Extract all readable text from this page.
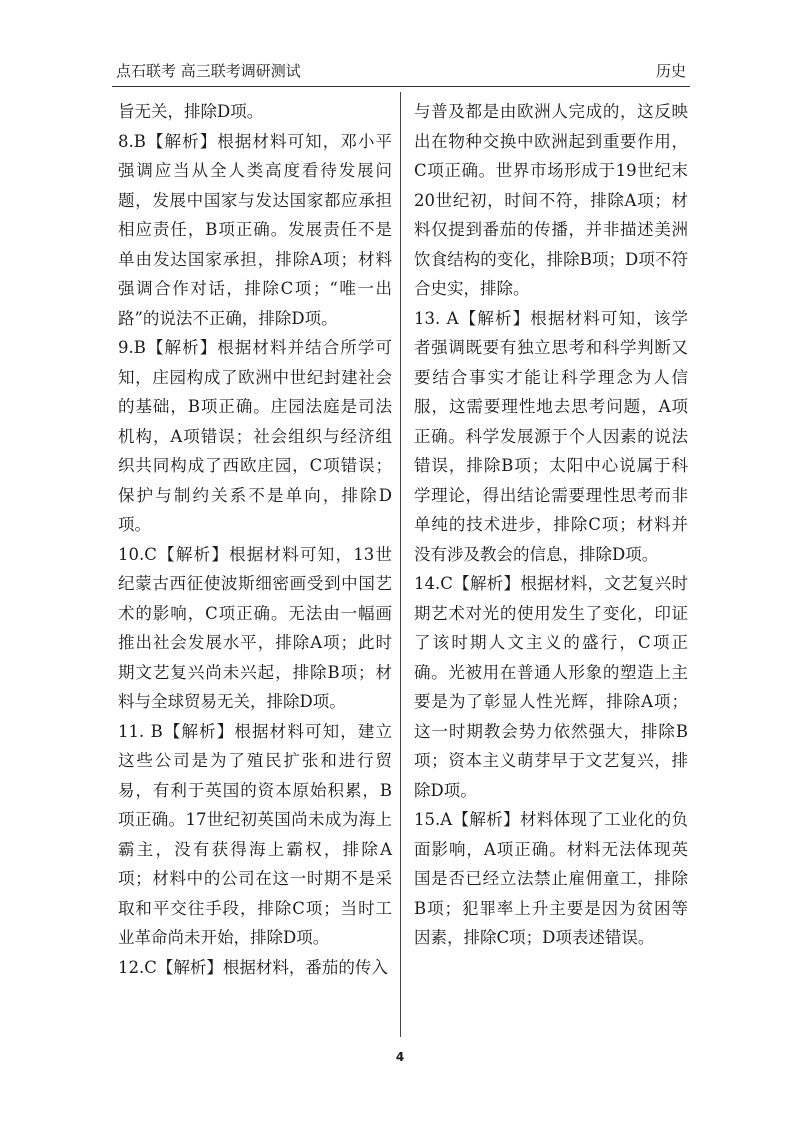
点石联考 高三联考调研测试	历史

旨无关，排除D项。

8.B【解析】根据材料可知，邓小平强调应当从全人类高度看待发展问题，发展中国家与发达国家都应承担相应责任，B项正确。发展责任不是单由发达国家承担，排除A项；材料强调合作对话，排除C项；“唯一出路”的说法不正确，排除D项。

9.B【解析】根据材料并结合所学可知，庄园构成了欧洲中世纪封建社会的基础，B项正确。庄园法庭是司法机构，A项错误；社会组织与经济组织共同构成了西欧庄园，C项错误；保护与制约关系不是单向，排除D项。

10.C【解析】根据材料可知，13世纪蒙古西征使波斯细密画受到中国艺术的影响，C项正确。无法由一幅画推出社会发展水平，排除A项；此时期文艺复兴尚未兴起，排除B项；材料与全球贸易无关，排除D项。

11. B【解析】根据材料可知，建立这些公司是为了殖民扩张和进行贸易，有利于英国的资本原始积累，B项正确。17世纪初英国尚未成为海上霸主，没有获得海上霸权，排除A项；材料中的公司在这一时期不是采取和平交往手段，排除C项；当时工业革命尚未开始，排除D项。

12.C【解析】根据材料，番茄的传入

与普及都是由欧洲人完成的，这反映出在物种交换中欧洲起到重要作用，C项正确。世界市场形成于19世纪末20世纪初，时间不符，排除A项；材料仅提到番茄的传播，并非描述美洲饮食结构的变化，排除B项；D项不符合史实，排除。

13. A【解析】根据材料可知，该学者强调既要有独立思考和科学判断又要结合事实才能让科学理念为人信服，这需要理性地去思考问题，A项正确。科学发展源于个人因素的说法错误，排除B项；太阳中心说属于科学理论，得出结论需要理性思考而非单纯的技术进步，排除C项；材料并没有涉及教会的信息，排除D项。

14.C【解析】根据材料，文艺复兴时期艺术对光的使用发生了变化，印证了该时期人文主义的盛行，C项正确。光被用在普通人形象的塑造上主要是为了彰显人性光辉，排除A项；这一时期教会势力依然强大，排除B项；资本主义萌芽早于文艺复兴，排除D项。

15.A【解析】材料体现了工业化的负面影响，A项正确。材料无法体现英国是否已经立法禁止雇佣童工，排除B项；犯罪率上升主要是因为贫困等因素，排除C项；D项表述错误。

4
